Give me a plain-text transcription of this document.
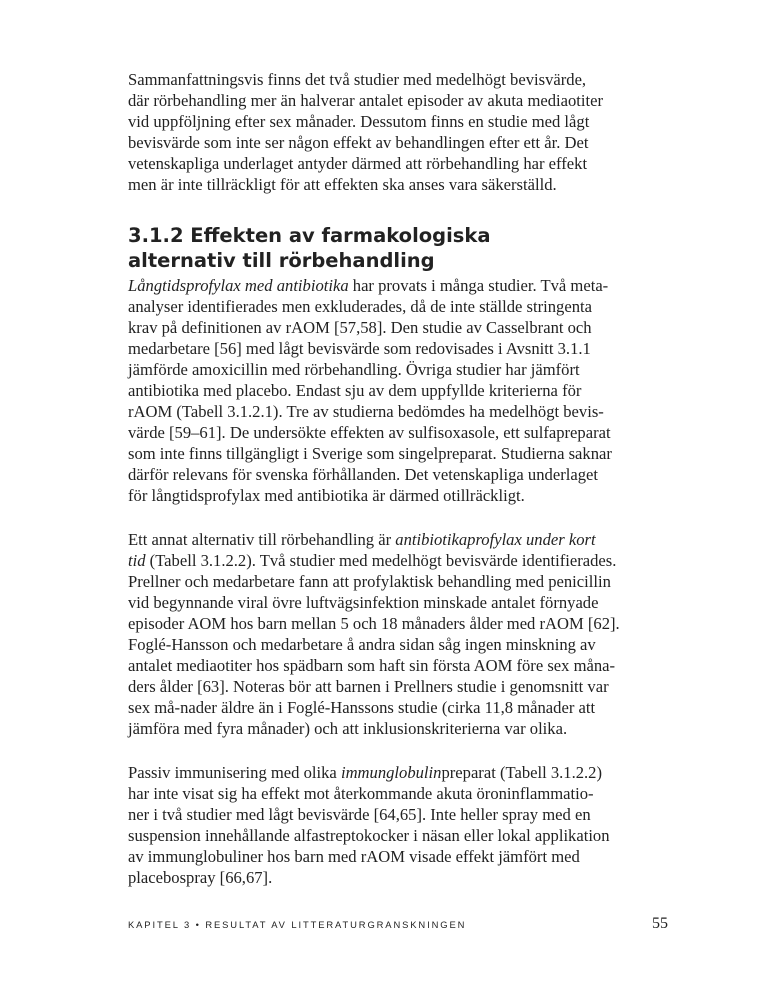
Sammanfattningsvis finns det två studier med medelhögt bevisvärde,
där rörbehandling mer än halverar antalet episoder av akuta mediaotiter
vid uppföljning efter sex månader. Dessutom finns en studie med lågt
bevisvärde som inte ser någon effekt av behandlingen efter ett år. Det
vetenskapliga underlaget antyder därmed att rörbehandling har effekt
men är inte tillräckligt för att effekten ska anses vara säkerställd.

3.1.2 Effekten av farmakologiska
alternativ till rörbehandling

Långtidsprofylax med antibiotika har provats i många studier. Två meta-
analyser identifierades men exkluderades, då de inte ställde stringenta
krav på definitionen av rAOM [57,58]. Den studie av Casselbrant och
medarbetare [56] med lågt bevisvärde som redovisades i Avsnitt 3.1.1
jämförde amoxicillin med rörbehandling. Övriga studier har jämfört
antibiotika med placebo. Endast sju av dem uppfyllde kriterierna för
rAOM (Tabell 3.1.2.1). Tre av studierna bedömdes ha medelhögt bevis-
värde [59–61]. De undersökte effekten av sulfisoxasole, ett sulfapreparat
som inte finns tillgängligt i Sverige som singelpreparat. Studierna saknar
därför relevans för svenska förhållanden. Det vetenskapliga underlaget
för långtidsprofylax med antibiotika är därmed otillräckligt.

Ett annat alternativ till rörbehandling är antibiotikaprofylax under kort
tid (Tabell 3.1.2.2). Två studier med medelhögt bevisvärde identifierades.
Prellner och medarbetare fann att profylaktisk behandling med penicillin
vid begynnande viral övre luftvägsinfektion minskade antalet förnyade
episoder AOM hos barn mellan 5 och 18 månaders ålder med rAOM [62].
Foglé-Hansson och medarbetare å andra sidan såg ingen minskning av
antalet mediaotiter hos spädbarn som haft sin första AOM före sex måna-
ders ålder [63]. Noteras bör att barnen i Prellners studie i genomsnitt var
sex må-nader äldre än i Foglé-Hanssons studie (cirka 11,8 månader att
jämföra med fyra månader) och att inklusionskriterierna var olika.

Passiv immunisering med olika immunglobulinpreparat (Tabell 3.1.2.2)
har inte visat sig ha effekt mot återkommande akuta öroninflammatio-
ner i två studier med lågt bevisvärde [64,65]. Inte heller spray med en
suspension innehållande alfastreptokocker i näsan eller lokal applikation
av immunglobuliner hos barn med rAOM visade effekt jämfört med
placebospray [66,67].

KAPITEL 3 • RESULTAT AV LITTERATURGRANSKNINGEN	55
